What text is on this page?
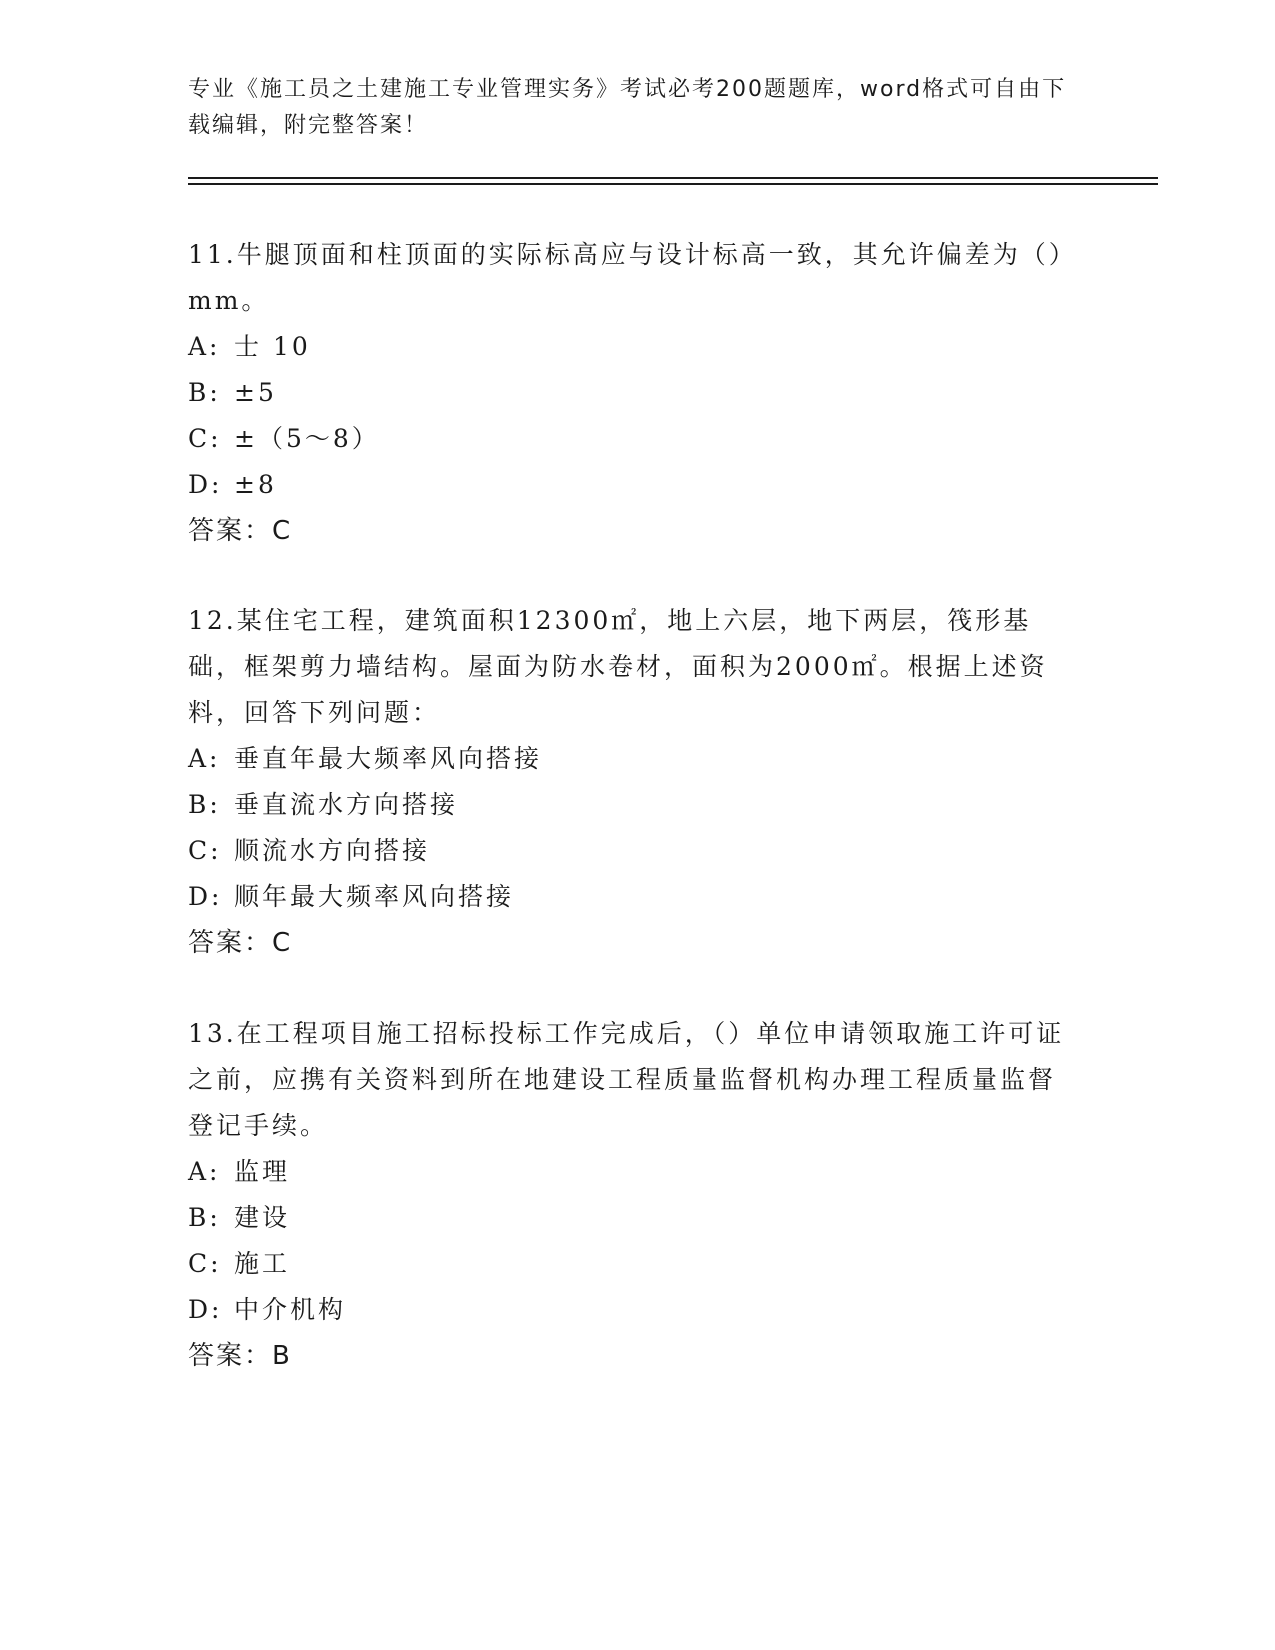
专业《施工员之土建施工专业管理实务》考试必考200题题库，word格式可自由下载编辑，附完整答案！

11.牛腿顶面和柱顶面的实际标高应与设计标高一致，其允许偏差为（）mm。

A: 士 10

B: ±5

C: ±（5～8）

D: ±8

答案：C

12.某住宅工程，建筑面积12300㎡，地上六层，地下两层，筏形基础，框架剪力墙结构。屋面为防水卷材，面积为2000㎡。根据上述资料，回答下列问题：

A: 垂直年最大频率风向搭接

B: 垂直流水方向搭接

C: 顺流水方向搭接

D: 顺年最大频率风向搭接

答案：C

13.在工程项目施工招标投标工作完成后，（）单位申请领取施工许可证之前，应携有关资料到所在地建设工程质量监督机构办理工程质量监督登记手续。

A: 监理

B: 建设

C: 施工

D: 中介机构

答案：B
